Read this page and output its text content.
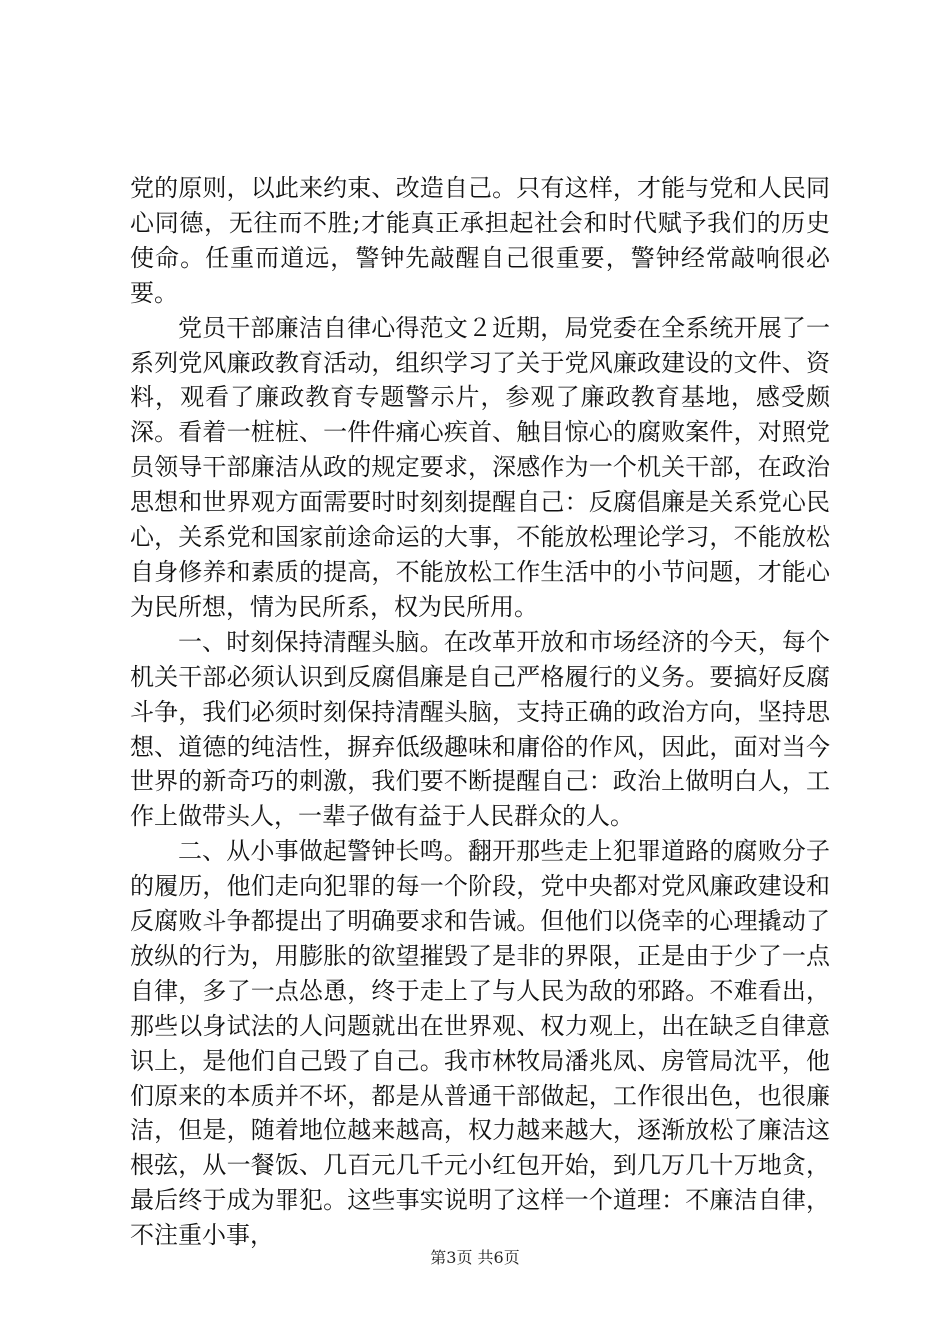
党的原则，以此来约束、改造自己。只有这样，才能与党和人民同心同德，无往而不胜;才能真正承担起社会和时代赋予我们的历史使命。任重而道远，警钟先敲醒自己很重要，警钟经常敲响很必要。

党员干部廉洁自律心得范文２近期，局党委在全系统开展了一系列党风廉政教育活动，组织学习了关于党风廉政建设的文件、资料，观看了廉政教育专题警示片，参观了廉政教育基地，感受颇深。看着一桩桩、一件件痛心疾首、触目惊心的腐败案件，对照党员领导干部廉洁从政的规定要求，深感作为一个机关干部，在政治思想和世界观方面需要时时刻刻提醒自己：反腐倡廉是关系党心民心，关系党和国家前途命运的大事，不能放松理论学习，不能放松自身修养和素质的提高，不能放松工作生活中的小节问题，才能心为民所想，情为民所系，权为民所用。

一、时刻保持清醒头脑。在改革开放和市场经济的今天，每个机关干部必须认识到反腐倡廉是自己严格履行的义务。要搞好反腐斗争，我们必须时刻保持清醒头脑，支持正确的政治方向，坚持思想、道德的纯洁性，摒弃低级趣味和庸俗的作风，因此，面对当今世界的新奇巧的刺激，我们要不断提醒自己：政治上做明白人，工作上做带头人，一辈子做有益于人民群众的人。

二、从小事做起警钟长鸣。翻开那些走上犯罪道路的腐败分子的履历，他们走向犯罪的每一个阶段，党中央都对党风廉政建设和反腐败斗争都提出了明确要求和告诫。但他们以侥幸的心理撬动了放纵的行为，用膨胀的欲望摧毁了是非的界限，正是由于少了一点自律，多了一点怂恿，终于走上了与人民为敌的邪路。不难看出，那些以身试法的人问题就出在世界观、权力观上，出在缺乏自律意识上，是他们自己毁了自己。我市林牧局潘兆凤、房管局沈平，他们原来的本质并不坏，都是从普通干部做起，工作很出色，也很廉洁，但是，随着地位越来越高，权力越来越大，逐渐放松了廉洁这根弦，从一餐饭、几百元几千元小红包开始，到几万几十万地贪，最后终于成为罪犯。这些事实说明了这样一个道理：不廉洁自律，不注重小事，

第3页 共6页
